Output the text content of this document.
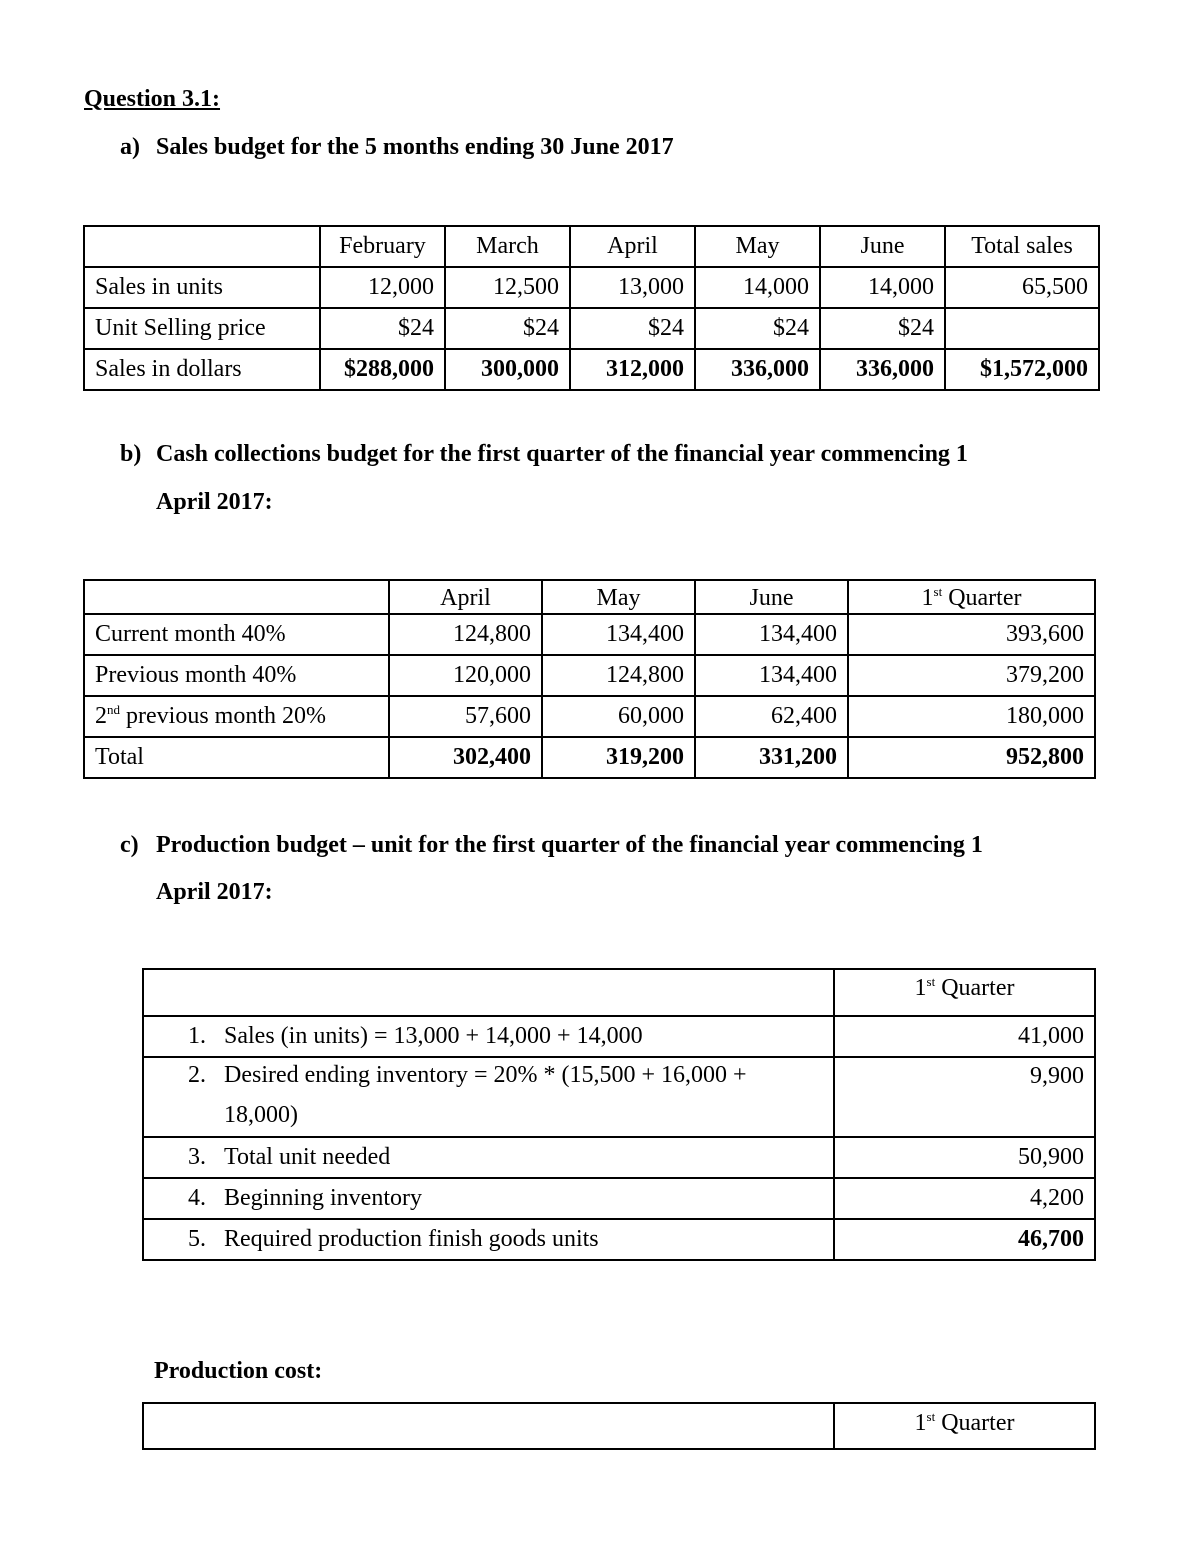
Question 3.1:
a) Sales budget for the 5 months ending 30 June 2017
	February	March	April	May	June	Total sales
Sales in units	12,000	12,500	13,000	14,000	14,000	65,500
Unit Selling price	$24	$24	$24	$24	$24	
Sales in dollars	$288,000	300,000	312,000	336,000	336,000	$1,572,000
b) Cash collections budget for the first quarter of the financial year commencing 1
April 2017:
	April	May	June	1st Quarter
Current month 40%	124,800	134,400	134,400	393,600
Previous month 40%	120,000	124,800	134,400	379,200
2nd previous month 20%	57,600	60,000	62,400	180,000
Total	302,400	319,200	331,200	952,800
c) Production budget – unit for the first quarter of the financial year commencing 1
April 2017:
	1st Quarter
1. Sales (in units) = 13,000 + 14,000 + 14,000	41,000

2. Desired ending inventory = 20% * (15,500 + 16,000 +
18,000)	9,900
3. Total unit needed	50,900
4. Beginning inventory	4,200
5. Required production finish goods units	46,700
Production cost:
	1st Quarter
